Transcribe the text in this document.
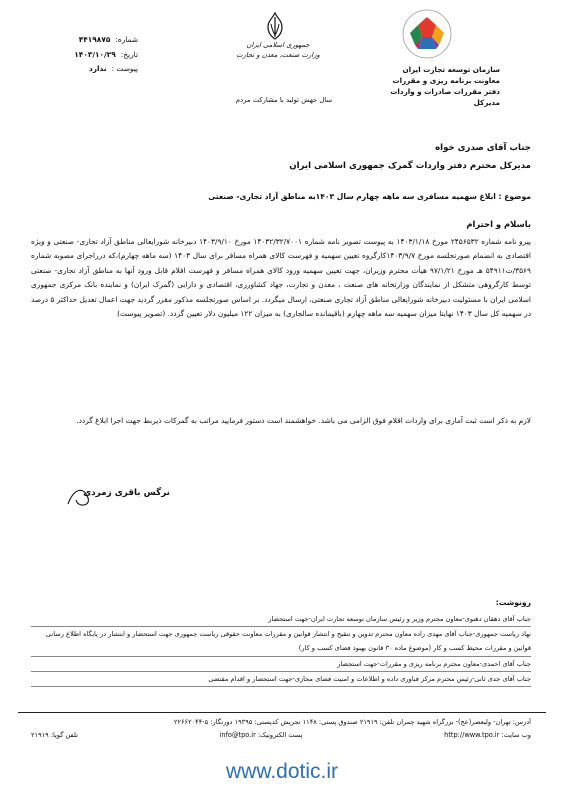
سازمان توسعه تجارت ایران
معاونت برنامه ریزی و مقررات
دفتر مقررات صادرات و واردات
مدیرکل
جمهوری اسلامی ایران
وزارت صنعت، معدن و تجارت
سال جهش تولید با مشارکت مردم
شماره:
۴۴۱۹۸۷۵
تاریخ:
۱۴۰۳/۱۰/۲۹
پیوست :
ندارد
جناب آقای صدری خواه
مدیرکل محترم دفتر واردات گمرک جمهوری اسلامی ایران
موضوع : ابلاغ سهمیه مسافری سه ماهه چهارم سال ۱۴۰۳به مناطق آزاد تجاری- صنعتی
باسلام و احترام
پیرو نامه شماره ۲۴۵۶۵۳۲ مورخ ۱۴۰۳/۱/۱۸ به پیوست تصویر نامه شماره ۱۴۰۳۲/۳۲/۷۰۰۱ مورخ ۱۴۰۳/۹/۱۰ دبیرخانه شورایعالی مناطق آزاد تجاری- صنعتی و ویژه اقتصادی به انضمام صورتجلسه مورخ ۱۴۰۳/۹/۷کارگروه تعیین سهمیه و فهرست کالای همراه مسافر برای سال ۱۴۰۳ (سه ماهه چهارم)،که درراجرای مصوبه شماره ۳۵۶۹/ت۵۴۹۱۱ هـ مورخ ۹۷/۱/۲۱ هیأت محترم وزیران، جهت تعیین سهمیه ورود کالای همراه مسافر و فهرست اقلام قابل ورود آنها به مناطق آزاد تجاری- صنعتی توسط کارگروهی متشکل از نمایندگان وزارتخانه های صنعت ، معدن و تجارت، جهاد کشاورزی، اقتصادی و دارایی (گمرک ایران) و نماینده بانک مرکزی جمهوری اسلامی ایران با مسئولیت دبیرخانه شورایعالی مناطق آزاد تجاری صنعتی، ارسال میگردد. بر اساس صورتجلسه مذکور مقرر گردید جهت اعمال تعدیل حداکثر ۵ درصد در سهمیه کل سال ۱۴۰۳ نهایتا میزان سهمیه سه ماهه چهارم (باقیمانده سالجاری) به میزان ۱۲۲ میلیون دلار تعیین گردد. (تصویر پیوست)
لازم به ذکر است ثبت آماری برای واردات اقلام فوق الزامی می باشد. خواهشمند است دستور فرمایید مراتب به گمرکات ذیربط جهت اجرا ابلاغ گردد.
نرگس باقری زمردی
رونوشت:
جناب آقای دهقان دهنوی-معاون محترم وزیر و رئیس سازمان توسعه تجارت ایران-جهت استحضار
نهاد ریاست جمهوری-جناب آقای مهدی زاده معاون محترم تدوین و تنقیح و انتشار قوانین و مقررات معاونت حقوقی ریاست جمهوری جهت استحضار و انتشار در پایگاه اطلاع رسانی قوانین و مقررات محیط کسب و کار (موضوع ماده ۳۰ قانون بهبود فضای کسب و کار)
جناب آقای احمدی-معاون محترم برنامه ریزی و مقررات-جهت استحضار
جناب آقای جدی ثانی-رئیس محترم مرکز فناوری داده و اطلاعات و امنیت فضای مجازی-جهت استحضار و اقدام مقتضی
آدرس: تهران- ولیعصر(عج)- بزرگراه شهید چمران تلفن: ۲۱۹۱۹ صندوق پستی: ۱۱۴۸ تجریش کدپستی: ۱۹۳۹۵ دورنگار: ۵-۲۲۶۶۲۰۴۴
وب سایت: http://www.tpo.ir
پست الکترونیک: info@tpo.ir
تلفن گویا: ۲۱۹۱۹
www.dotic.ir
